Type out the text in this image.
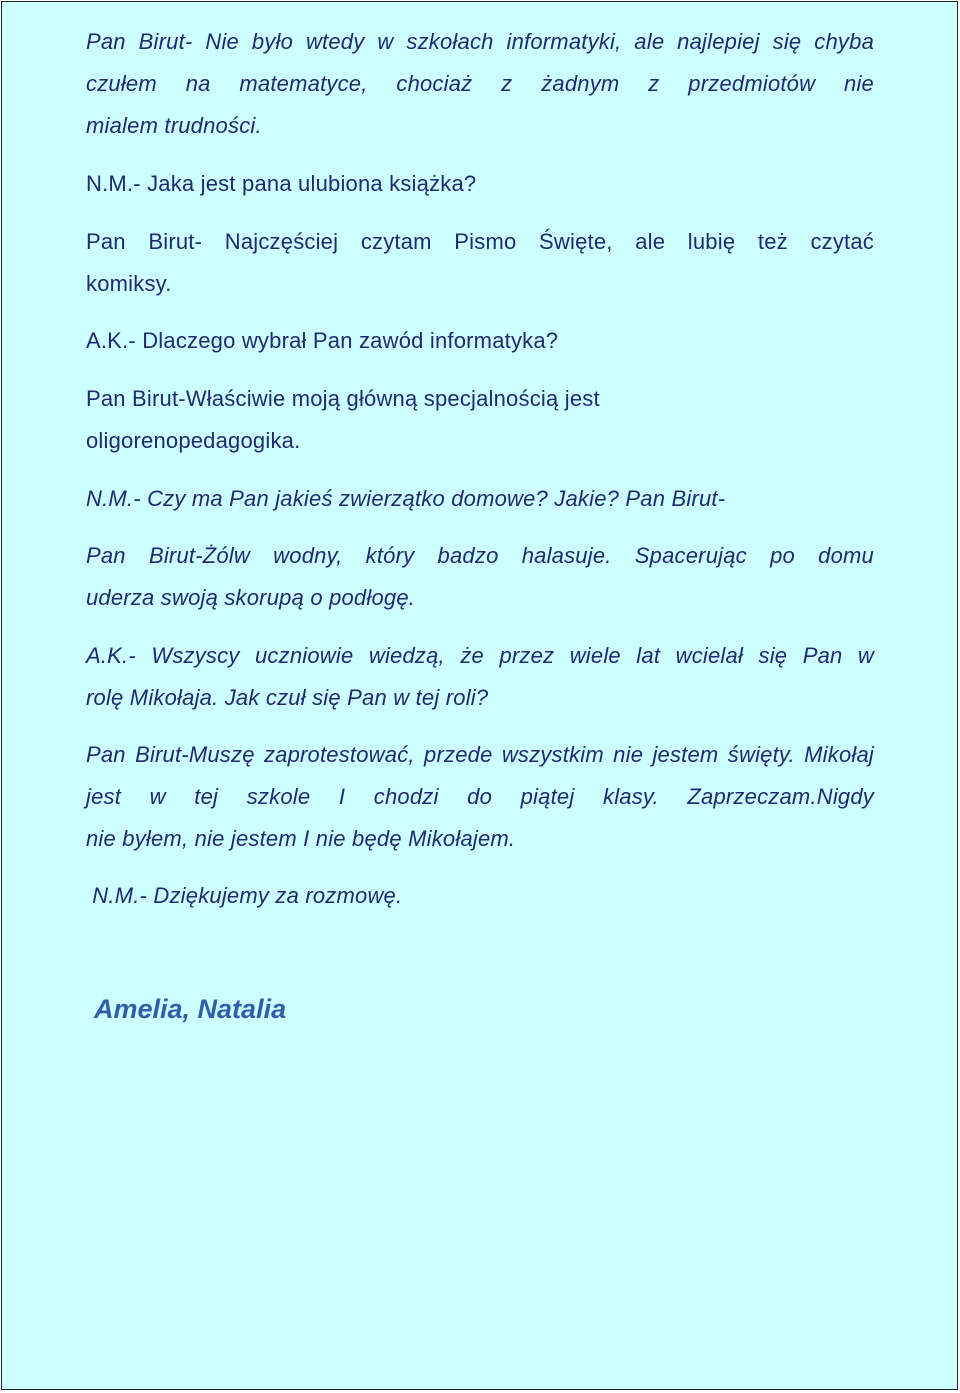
Pan Birut- Nie było wtedy w szkołach informatyki, ale najlepiej się chyba czułem na matematyce, chociaż z żadnym z przedmiotów nie
mialem trudności.
N.M.- Jaka jest pana ulubiona książka?
Pan Birut- Najczęściej czytam Pismo Święte, ale lubię też czytać
komiksy.
A.K.- Dlaczego wybrał Pan zawód informatyka?
Pan Birut-Właściwie moją główną specjalnością jest
oligorenopedagogika.
N.M.- Czy ma Pan jakieś zwierzątko domowe? Jakie? Pan Birut-
Pan Birut-Żólw wodny, który badzo halasuje. Spacerując po domu
uderza swoją skorupą o podłogę.
A.K.- Wszyscy uczniowie wiedzą, że przez wiele lat wcielał się Pan w
rolę Mikołaja. Jak czuł się Pan w tej roli?
Pan Birut-Muszę zaprotestować, przede wszystkim nie jestem święty. Mikołaj jest w tej szkole I chodzi do piątej klasy. Zaprzeczam.Nigdy
nie byłem, nie jestem I nie będę Mikołajem.
N.M.- Dziękujemy za rozmowę.
Amelia, Natalia
